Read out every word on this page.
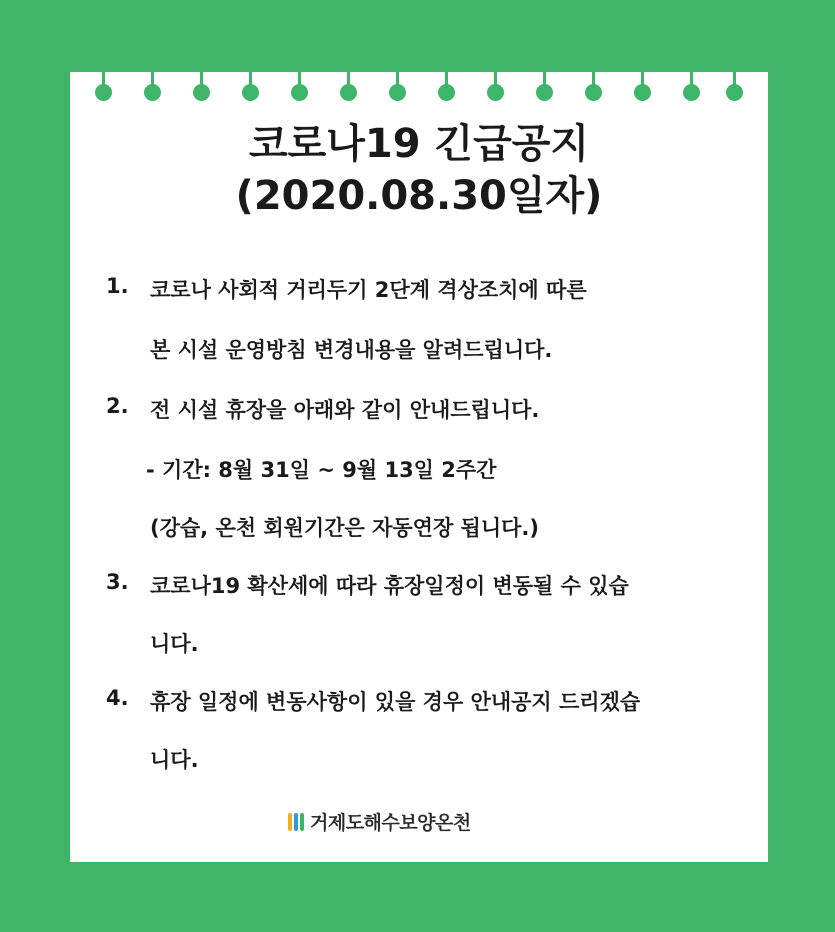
코로나19 긴급공지
(2020.08.30일자)
1. 코로나 사회적 거리두기 2단계 격상조치에 따른
본 시설 운영방침 변경내용을 알려드립니다.
2. 전 시설 휴장을 아래와 같이 안내드립니다.
- 기간: 8월 31일 ~ 9월 13일 2주간
(강습, 온천 회원기간은 자동연장 됩니다.)
3. 코로나19 확산세에 따라 휴장일정이 변동될 수 있습
니다.
4. 휴장 일정에 변동사항이 있을 경우 안내공지 드리겠습
니다.
거제도해수보양온천
